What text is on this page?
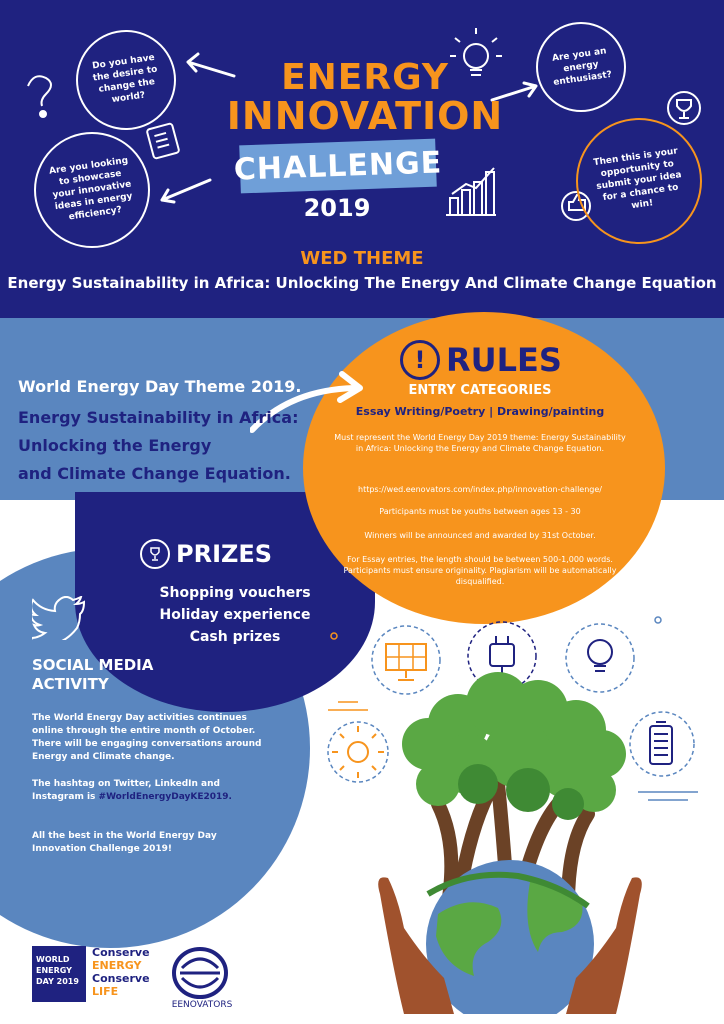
Do you have the desire to change the world?
Are you an energy enthusiast?
Are you looking to showcase your innovative ideas in energy efficiency?
Then this is your opportunity to submit your idea for a chance to win!
ENERGY
INNOVATION
CHALLENGE
2019
WED THEME
Energy Sustainability in Africa: Unlocking The Energy And Climate Change Equation
World Energy Day Theme 2019.
Energy Sustainability in Africa:
Unlocking the Energy
and Climate Change Equation.
! RULES
ENTRY CATEGORIES
Essay Writing/Poetry | Drawing/painting
Must represent the World Energy Day 2019 theme: Energy Sustainability in Africa: Unlocking the Energy and Climate Change Equation.
https://wed.eenovators.com/index.php/innovation-challenge/
Participants must be youths between ages 13 - 30
Winners will be announced and awarded by 31st October.
For Essay entries, the length should be between 500-1,000 words. Participants must ensure originality. Plagiarism will be automatically disqualified.
PRIZES
Shopping vouchers
Holiday experience
Cash prizes
SOCIAL MEDIA
ACTIVITY
The World Energy Day activities continues online through the entire month of October. There will be engaging conversations around Energy and Climate change.
The hashtag on Twitter, LinkedIn and Instagram is #WorldEnergyDayKE2019.
All the best in the World Energy Day Innovation Challenge 2019!
WORLD
ENERGY
DAY 2019
Conserve
ENERGY
Conserve
LIFE
EENOVATORS
